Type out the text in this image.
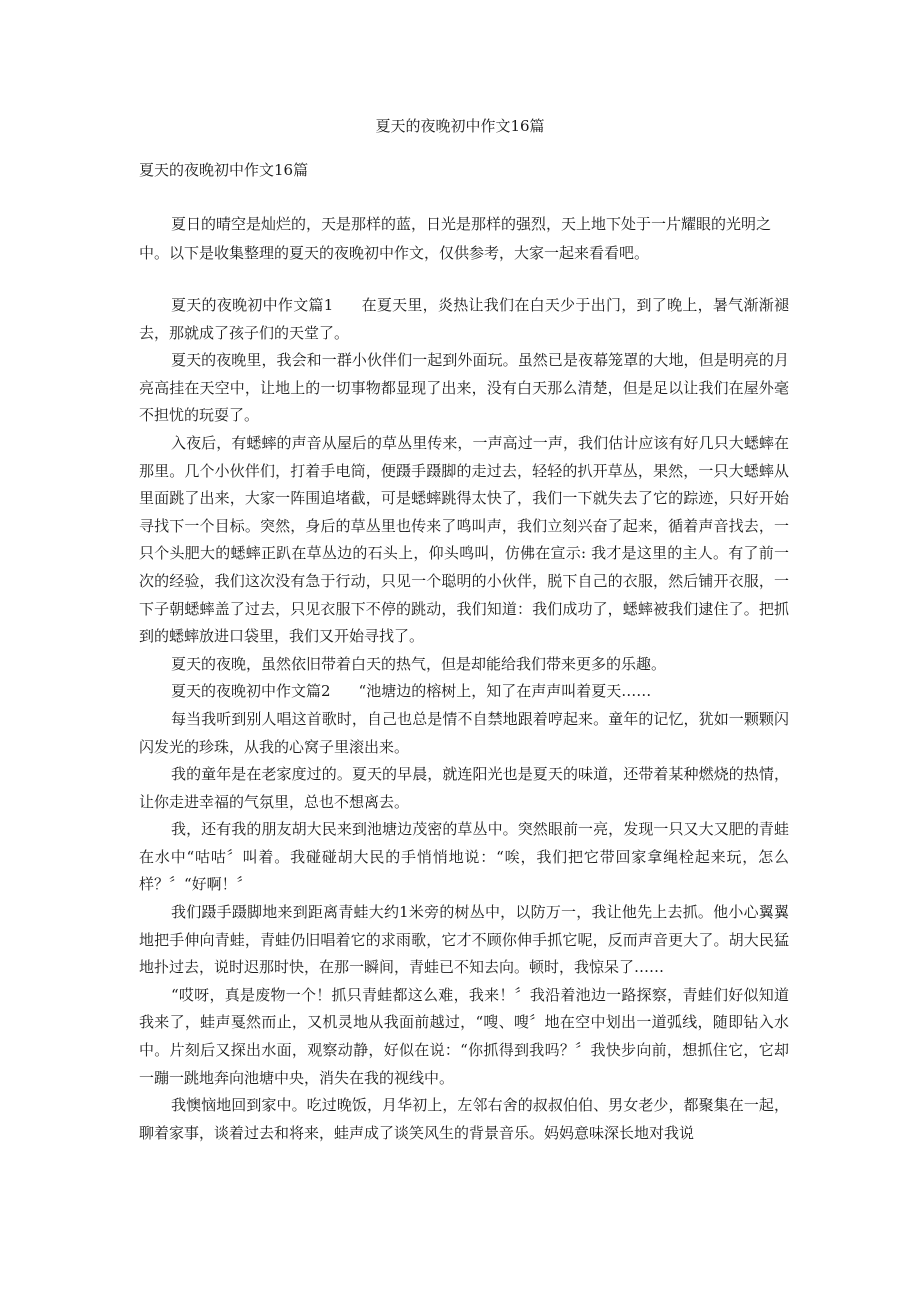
夏天的夜晚初中作文16篇
夏天的夜晚初中作文16篇

夏日的晴空是灿烂的，天是那样的蓝，日光是那样的强烈，天上地下处于一片耀眼的光明之中。以下是收集整理的夏天的夜晚初中作文，仅供参考，大家一起来看看吧。

夏天的夜晚初中作文篇1 在夏天里，炎热让我们在白天少于出门，到了晚上，暑气渐渐褪去，那就成了孩子们的天堂了。

夏天的夜晚里，我会和一群小伙伴们一起到外面玩。虽然已是夜幕笼罩的大地，但是明亮的月亮高挂在天空中，让地上的一切事物都显现了出来，没有白天那么清楚，但是足以让我们在屋外毫不担忧的玩耍了。

入夜后，有蟋蟀的声音从屋后的草丛里传来，一声高过一声，我们估计应该有好几只大蟋蟀在那里。几个小伙伴们，打着手电筒，便蹑手蹑脚的走过去，轻轻的扒开草丛，果然，一只大蟋蟀从里面跳了出来，大家一阵围追堵截，可是蟋蟀跳得太快了，我们一下就失去了它的踪迹，只好开始寻找下一个目标。突然，身后的草丛里也传来了鸣叫声，我们立刻兴奋了起来，循着声音找去，一只个头肥大的蟋蟀正趴在草丛边的石头上，仰头鸣叫，仿佛在宣示: 我才是这里的主人。有了前一次的经验，我们这次没有急于行动，只见一个聪明的小伙伴，脱下自己的衣服，然后铺开衣服，一下子朝蟋蟀盖了过去，只见衣服下不停的跳动，我们知道：我们成功了，蟋蟀被我们逮住了。把抓到的蟋蟀放进口袋里，我们又开始寻找了。

夏天的夜晚，虽然依旧带着白天的热气，但是却能给我们带来更多的乐趣。

夏天的夜晚初中作文篇2 “池塘边的榕树上，知了在声声叫着夏天……

每当我听到别人唱这首歌时，自己也总是情不自禁地跟着哼起来。童年的记忆，犹如一颗颗闪闪发光的珍珠，从我的心窝子里滚出来。

我的童年是在老家度过的。夏天的早晨，就连阳光也是夏天的味道，还带着某种燃烧的热情，让你走进幸福的气氛里，总也不想离去。

我，还有我的朋友胡大民来到池塘边茂密的草丛中。突然眼前一亮，发现一只又大又肥的青蛙在水中“咕咕〞叫着。我碰碰胡大民的手悄悄地说：“唉，我们把它带回家拿绳栓起来玩，怎么样？〞“好啊！〞

我们蹑手蹑脚地来到距离青蛙大约1米旁的树丛中，以防万一，我让他先上去抓。他小心翼翼地把手伸向青蛙，青蛙仍旧唱着它的求雨歌，它才不顾你伸手抓它呢，反而声音更大了。胡大民猛地扑过去，说时迟那时快，在那一瞬间，青蛙已不知去向。顿时，我惊呆了……

“哎呀，真是废物一个！抓只青蛙都这么难，我来！〞我沿着池边一路探察，青蛙们好似知道我来了，蛙声戛然而止，又机灵地从我面前越过，“嗖、嗖〞地在空中划出一道弧线，随即钻入水中。片刻后又探出水面，观察动静，好似在说：“你抓得到我吗？〞我快步向前，想抓住它，它却一蹦一跳地奔向池塘中央，消失在我的视线中。

我懊恼地回到家中。吃过晚饭，月华初上，左邻右舍的叔叔伯伯、男女老少，都聚集在一起，聊着家事，谈着过去和将来，蛙声成了谈笑风生的背景音乐。妈妈意味深长地对我说
